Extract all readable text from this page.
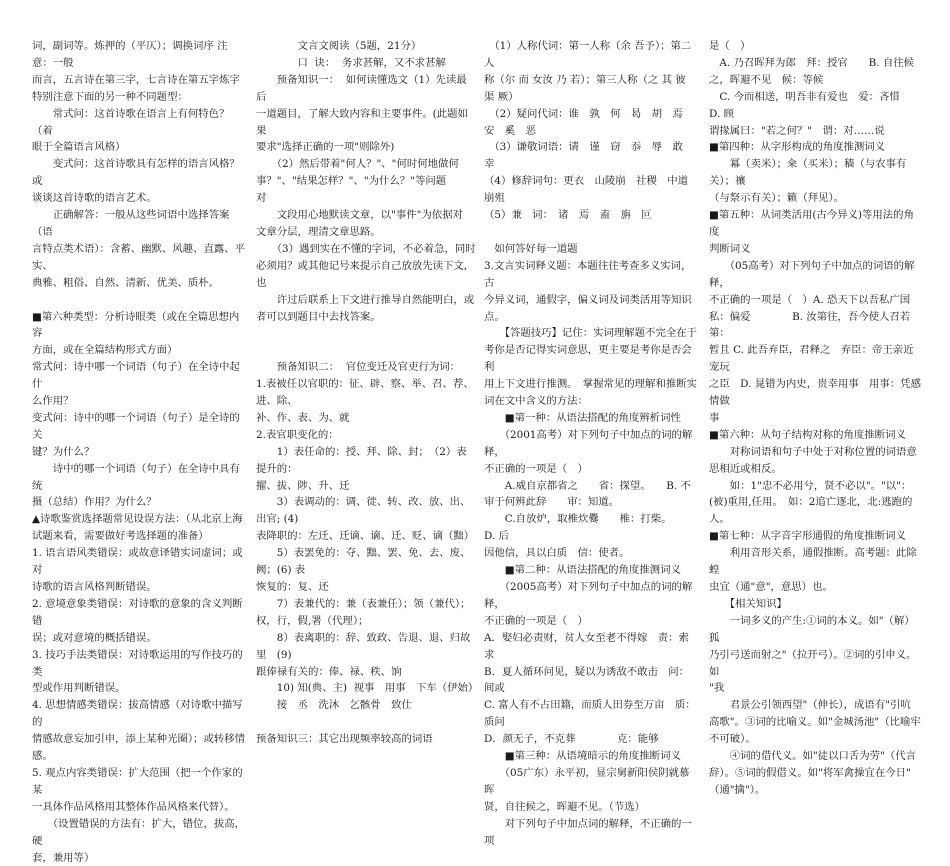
词，副词等。炼押的（平仄）；调换词序 注意：一般

而言，五言诗在第三字，七言诗在第五字炼字

特别注意下面的另一种不同题型：

　　常式问：这首诗歌在语言上有何特色？（着

眼于全篇语言风格）

　　变式问：这首诗歌具有怎样的语言风格？或

谈谈这首诗歌的语言艺术。

　　正确解答：一般从这些词语中选择答案（语

言特点类术语）：含蓄、幽默、风趣、直露、平实、

典雅、粗俗、自然、清新、优美、质朴。

■第六种类型：分析诗眼类（或在全篇思想内容

方面，或在全篇结构形式方面）

常式问：诗中哪一个词语（句子）在全诗中起什

么作用？

变式问：诗中的哪一个词语（句子）是全诗的关

键？为什么？

　　诗中的哪一个词语（句子）在全诗中具有统

摄（总结）作用？为什么？

▲诗歌鉴赏选择题常见设误方法：（从北京上海

试题来看，需要做好考选择题的准备）

1. 语言语风类错误：或故意译错实词虚词；或对

诗歌的语言风格判断错误。

2. 意境意象类错误：对诗歌的意象的含义判断错

误；或对意境的概括错误。

3. 技巧手法类错误：对诗歌运用的写作技巧的类

型或作用判断错误。

4. 思想情感类错误：拔高情感（对诗歌中描写的

情感故意妄加引申，添上某种光圈）；或转移情感。

5. 观点内容类错误：扩大范围（把一个作家的某

一具体作品风格用其整体作品风格来代替）。

　　（设置错误的方法有：扩大，错位，拔高，硬

套，兼用等）

　　　　文言文阅读（5题，21分）

　　　　口  诀：  务求甚解，又不求甚解

　　预备知识一：  如何读懂选文（1）先读最后

一道题目，了解大致内容和主要事件。(此题如果

要求"选择正确的一项"则除外)

　　（2）然后带着"何人？"、"何时何地做何

事？"、"结果怎样？"、"为什么？"等问题

对

　　文段用心地默读文章，以"事件"为依据对

文章分层，理清文章思路。

　　（3）遇到实在不懂的字词，不必着急，同时

必须用？或其他记号来提示自己放放先读下文，

也

　　许过后联系上下文进行推导自然能明白，或

者可以到题目中去找答案。

　　预备知识二：  官位变迁及官吏行为词：

1.表被任以官职的：征、辟、察、举、召、荐、进、除、

补、作、表、为、就

2.表官职变化的：

　　1）表任命的：授、拜、除、封；　（2）表提升的：

擢、拔、陟、升、迁

　　3）表调动的：调、徙、转、改、放、出、出官; (4)

表降职的：左迁、迁谪、谪、迁、贬、谪（黜）

　　5）表罢免的：夺、黜、罢、免、去、废、阙；(6) 表

恢复的：复、还

　　7）表兼代的：兼（表兼任）；领（兼代）；

权，行，假,署（代理）；

　　8）表离职的：辞、致政、告退、退、归故里　(9)

跟俸禄有关的：俸、禄、秩、饷

　　10) 知(典、主)  视事　用事　下车（伊始）

　　接　丞　洗沐　乞骸骨　致仕

预备知识三：其它出现频率较高的词语

　（1）人称代词：第一人称（余 吾予）；第二人

称（尔 而 女汝 乃 若）；第三人称（之 其 彼 渠 厥）

　（2）疑问代词：谁　孰　何　曷　胡　焉

安　奚　恶

　（3）谦敬词语：请　谨　窃　忝　辱　敢

幸

（4）修辞词句：更衣　山陵崩　社稷　中道崩殂

（5）兼　词：　诸　焉　盍　旃　叵

　如何答好每一道题

3.文言实词释义题：本题往往考查多义实词，古

今异义词，通假字，偏义词及词类活用等知识点。

　　【答题技巧】记住：实词理解题不完全在于

考你是否记得实词意思，更主要是考你是否会利

用上下文进行推测。　掌握常见的理解和推断实

词在文中含义的方法：

　　■第一种：从语法搭配的角度辨析词性

　　（2001高考）对下列句子中加点的词的解释，

不正确的一项是（　）

　　A.威自京都省之　　省：探望。　　B. 不

审于何辨此辞　　审：知道。

　　C.自放炉，取椎炊爨　　椎：打柴。　　D. 后

因他信，具以白质　信：使者。

　　■第二种：从语法搭配的角度推测词义

　　（2005高考）对下列句子中加点的词的解释，

不正确的一项是（　）

A．娶妇必责财，贫人女至老不得嫁　责：索求

B．夏人循环问见，疑以为诱敌不敢击　问：间或

C. 富人有不占田籍，而质人田券至万亩　质：质问

D．颜无子，不克葬　　　　克：能够

　　■第三种：从语境暗示的角度推断词义

　　（05广东）永平初，显宗舅新阳侯阴就慕晖

贤，自往候之，晖避不见。（节选）

　　对下列句子中加点词的解释，不正确的一项

是（　）

　A. 乃召晖拜为郎　拜：授官　　B. 自往候

之，晖避不见　候：等候

　C. 今而相送，明吾非有爱也　爱：吝惜　D. 顾

谓掾属曰："若之何？"　谓：对……说

■第四种：从字形构成的角度推测词义

　　冪（卖米）；籴（买米）；穑（与农事有关）；禳

（与祭示有关）；籁（拜见）。

■第五种：从词类活用(古今异义)等用法的角度

判断词义

　　（05高考）对下列句子中加点的词语的解释，

不正确的一项是（　）A. 恐天下以吾私广国

私：偏爱　　　　B. 汝第往，吾今使人召若　第：

暂且 C. 此吾弃臣，君释之　弃臣：帝王亲近宠玩

之臣　D. 晁错为内史，贵幸用事　用事：凭感情做

事

■第六种：从句子结构对称的角度推断词义

　　对称词语和句子中处于对称位置的词语意

思相近或相反。

　　如：1"忠不必用兮，贤不必以"。"以"：

(被)重用,任用。　如：2追亡逐北，北:逃跑的人。

■第七种：从字音字形通假的角度推断词义

　　利用音形关系，通假推断。高考题：此除蝗

虫宜（通"意"，意思）也。

　　【相关知识】

　　一词多义的产生:①词的本义。如"（解）狐

乃引弓送而射之"（拉开弓）。②词的引申义。如

"我

　　君景公引领西望"（伸长），成语有"引吭

高歌"。③词的比喻义。如"金城汤池"（比喻牢

不可破）。

　　④词的借代义。如"徒以口舌为劳"（代言

辞）。⑤词的假借义。如"将军禽操宜在今日"

（通"擒"）。
